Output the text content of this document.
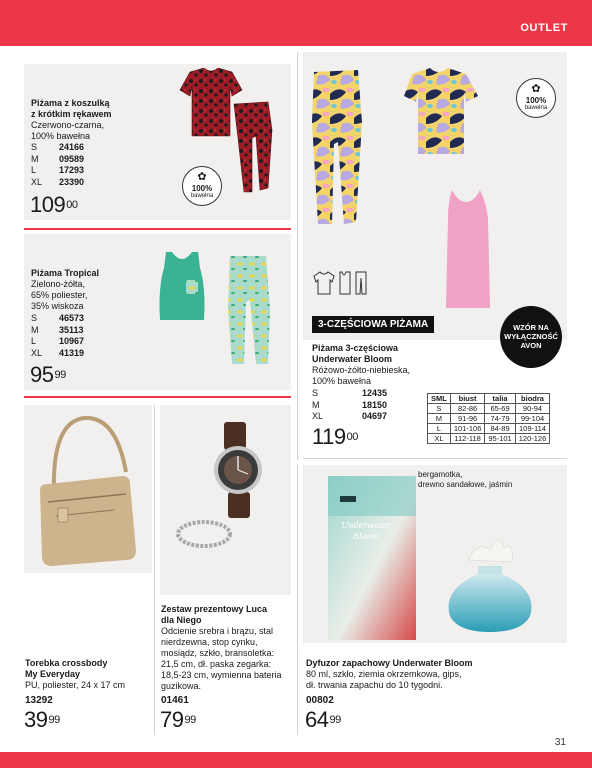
OUTLET
Piżama z koszulką
z krótkim rękawem
Czerwono-czarna,
100% bawełna
S	24166
M	09589
L	17293
XL	23390
$109^{00}$
✿
100%
bawełna
Piżama Tropical
Zielono-żółta,
65% poliester,
35% wiskoza
S	46573
M	35113
L	10967
XL	41319
$95^{99}$
✿
100%
bawełna
3-CZĘŚCIOWA PIŻAMA	WZÓR NA
WYŁĄCZNOŚĆ
AVON
Piżama 3-częściowa
Underwater Bloom
Różowo-żółto-niebieska,
100% bawełna
S	12435
M	18150
XL	04697
$119^{00}$
SML	biust	talia	biodra
S	82-86	65-69	90-94
M	91-96	74-79	99-104
L	101-106	84-89	109-114
XL	112-118	95-101	120-126
Torebka crossbody
My Everyday
PU, poliester, 24 x 17 cm
13292
$39^{99}$
Zestaw prezentowy Luca
dla Niego
Odcienie srebra i brązu, stal
nierdzewna, stop cynku,
mosiądz, szkło, bransoletka:
21,5 cm, dł. paska zegarka:
18,5-23 cm, wymienna bateria
guzikowa.
01461
$79^{99}$
Underwater
Bloom
bergamotka,
drewno sandałowe, jaśmin
Dyfuzor zapachowy Underwater Bloom
80 ml, szkło, ziemia okrzemkowa, gips,
dł. trwania zapachu do 10 tygodni.
00802
$64^{99}$
31
